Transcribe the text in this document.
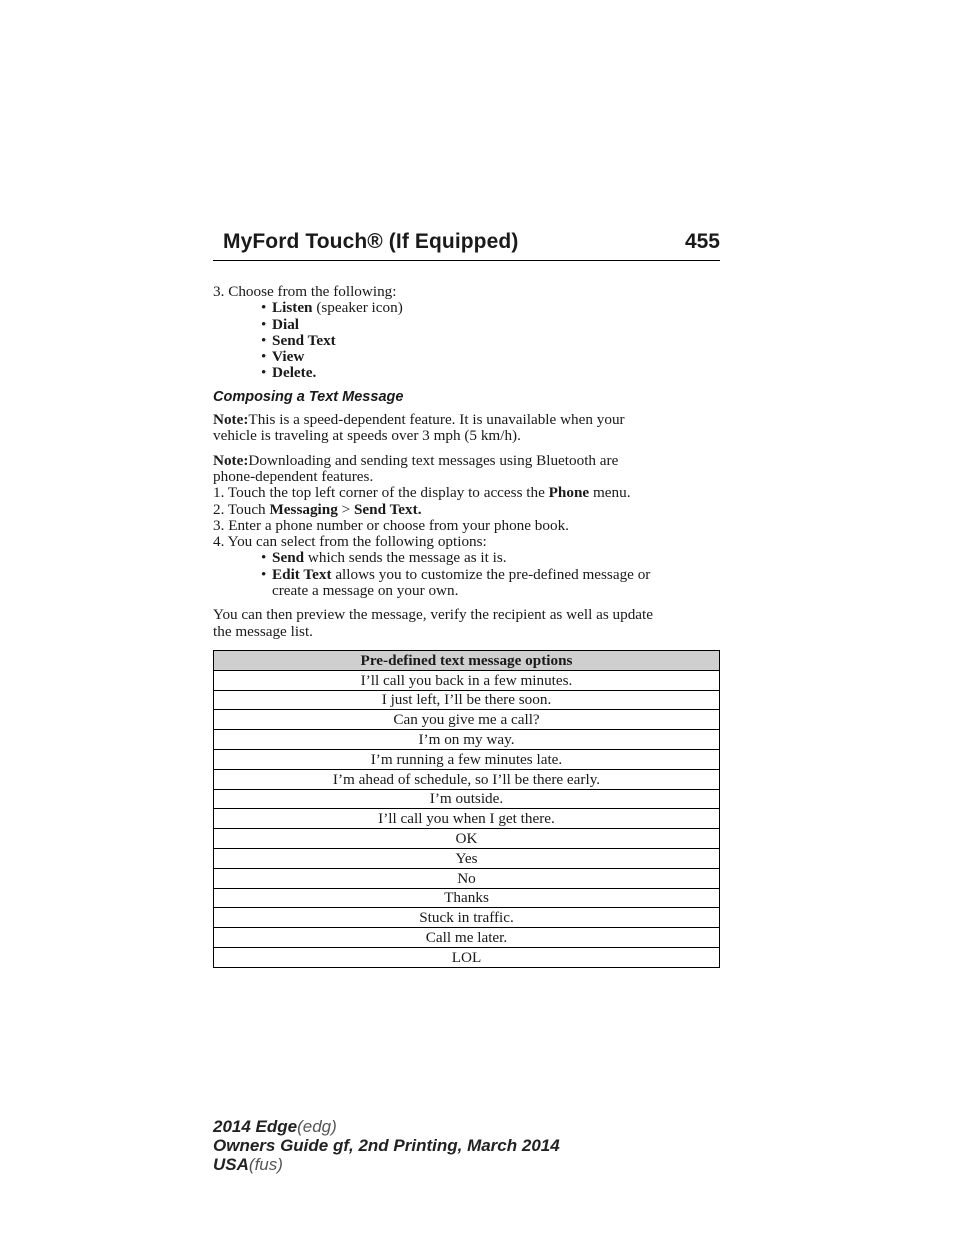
MyFord Touch® (If Equipped)	455
3. Choose from the following:
• Listen (speaker icon)
• Dial
• Send Text
• View
• Delete.
Composing a Text Message
Note:This is a speed-dependent feature. It is unavailable when your
vehicle is traveling at speeds over 3 mph (5 km/h).
Note:Downloading and sending text messages using Bluetooth are
phone-dependent features.
1. Touch the top left corner of the display to access the Phone menu.
2. Touch Messaging > Send Text.
3. Enter a phone number or choose from your phone book.
4. You can select from the following options:
• Send which sends the message as it is.
• Edit Text allows you to customize the pre-defined message or
create a message on your own.
You can then preview the message, verify the recipient as well as update
the message list.
Pre-defined text message options
I’ll call you back in a few minutes.
I just left, I’ll be there soon.
Can you give me a call?
I’m on my way.
I’m running a few minutes late.
I’m ahead of schedule, so I’ll be there early.
I’m outside.
I’ll call you when I get there.
OK
Yes
No
Thanks
Stuck in traffic.
Call me later.
LOL
2014 Edge(edg)
Owners Guide gf, 2nd Printing, March 2014
USA(fus)
